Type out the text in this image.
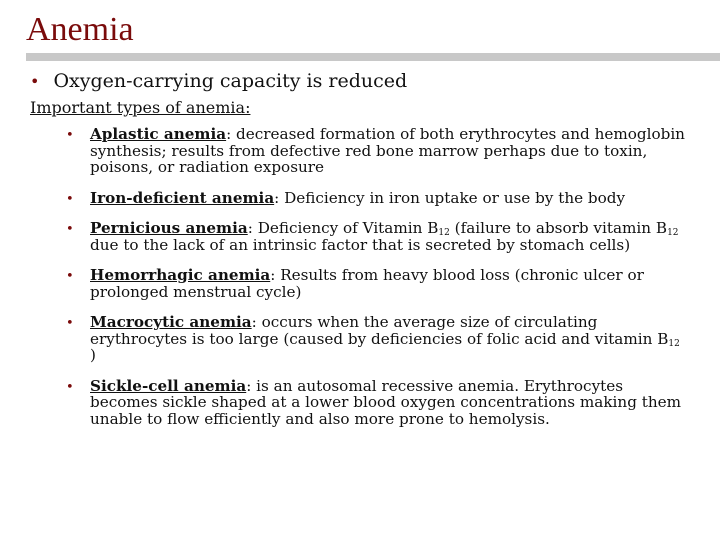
Anemia
• Oxygen-carrying capacity is reduced
Important types of anemia:
• Aplastic anemia: decreased formation of both erythrocytes and hemoglobin synthesis; results from defective red bone marrow perhaps due to toxin, poisons, or radiation exposure
• Iron-deficient anemia: Deficiency in iron uptake or use by the body
• Pernicious anemia: Deficiency of Vitamin $B_{12}$ (failure to absorb vitamin $B_{12}$ due to the lack of an intrinsic factor that is secreted by stomach cells)
• Hemorrhagic anemia: Results from heavy blood loss (chronic ulcer or prolonged menstrual cycle)
• Macrocytic anemia: occurs when the average size of circulating erythrocytes is too large (caused by deficiencies of folic acid and vitamin $B_{12}$ )
• Sickle-cell anemia: is an autosomal recessive anemia. Erythrocytes becomes sickle shaped at a lower blood oxygen concentrations making them unable to flow efficiently and also more prone to hemolysis.
